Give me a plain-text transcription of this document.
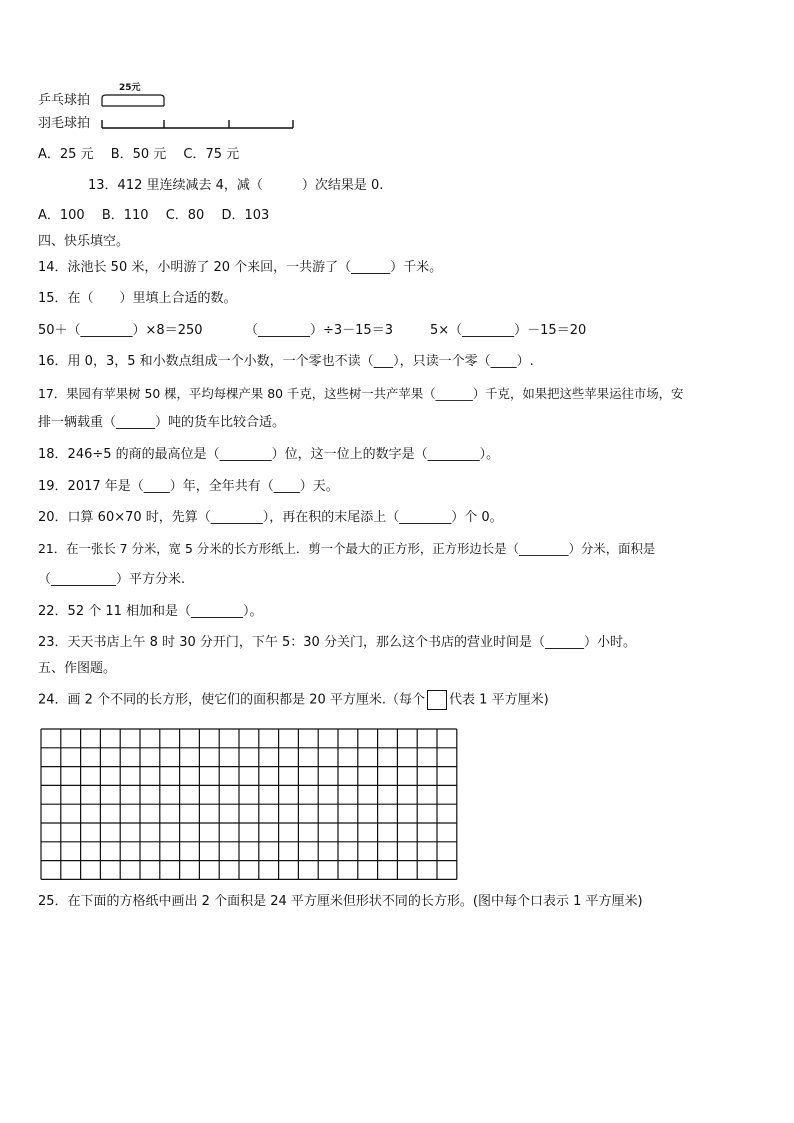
乒乓球拍
25元
羽毛球拍
A．25 元　 B．50 元　 C．75 元
13．412 里连续减去 4，减（　　　）次结果是 0.
A．100　 B．110　 C．80　 D．103
四、快乐填空。
14．泳池长 50 米，小明游了 20 个来回，一共游了（______）千米。
15．在（　　）里填上合适的数。
50＋（________）×8＝250	（________）÷3－15＝3	5×（________）－15＝20
16．用 0，3，5 和小数点组成一个小数，一个零也不读（___），只读一个零（____）.
17．果园有苹果树 50 棵，平均每棵产果 80 千克，这些树一共产苹果（______）千克，如果把这些苹果运往市场，安
排一辆载重（______）吨的货车比较合适。
18．246÷5 的商的最高位是（________）位，这一位上的数字是（________）。
19．2017 年是（____）年，全年共有（____）天。
20．口算 60×70 时，先算（________），再在积的末尾添上（________）个 0。
21．在一张长 7 分米，宽 5 分米的长方形纸上．剪一个最大的正方形，正方形边长是（________）分米，面积是
（__________）平方分米.
22．52 个 11 相加和是（________）。
23．天天书店上午 8 时 30 分开门，下午 5：30 分关门，那么这个书店的营业时间是（______）小时。
五、作图题。
24．画 2 个不同的长方形，使它们的面积都是 20 平方厘米.（每个 代表 1 平方厘米)
25．在下面的方格纸中画出 2 个面积是 24 平方厘米但形状不同的长方形。(图中每个口表示 1 平方厘米)
